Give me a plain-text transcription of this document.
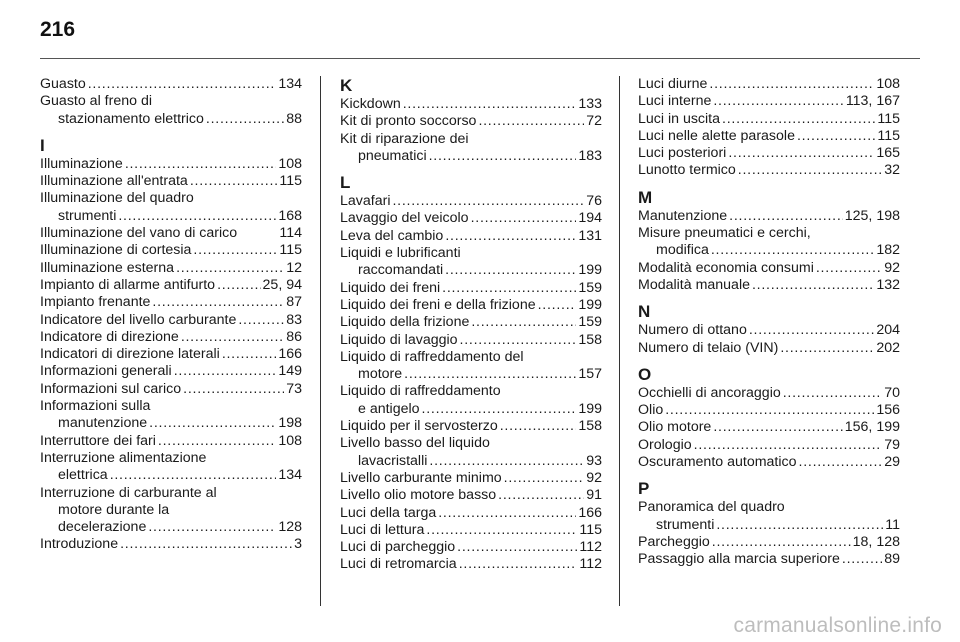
216
Guasto . . .	134
Guasto al freno di
stazionamento elettrico . . .	88
I
Illuminazione . . .	108
Illuminazione all'entrata . . .	115
Illuminazione del quadro
strumenti . . .	168
Illuminazione del vano di carico	114
Illuminazione di cortesia . . .	115
Illuminazione esterna . . .	12
Impianto di allarme antifurto . . .	25, 94
Impianto frenante . . .	87
Indicatore del livello carburante . . .	83
Indicatore di direzione . . .	86
Indicatori di direzione laterali . . .	166
Informazioni generali . . .	149
Informazioni sul carico . . .	73
Informazioni sulla
manutenzione . . .	198
Interruttore dei fari . . .	108
Interruzione alimentazione
elettrica . . .	134
Interruzione di carburante al
motore durante la
decelerazione . . .	128
Introduzione . . .	3
K
Kickdown . . .	133
Kit di pronto soccorso . . .	72
Kit di riparazione dei
pneumatici . . .	183
L
Lavafari . . .	76
Lavaggio del veicolo . . .	194
Leva del cambio . . .	131
Liquidi e lubrificanti
raccomandati . . .	199
Liquido dei freni . . .	159
Liquido dei freni e della frizione . . .	199
Liquido della frizione . . .	159
Liquido di lavaggio . . .	158
Liquido di raffreddamento del
motore . . .	157
Liquido di raffreddamento
e antigelo . . .	199
Liquido per il servosterzo . . .	158
Livello basso del liquido
lavacristalli . . .	93
Livello carburante minimo . . .	92
Livello olio motore basso . . .	91
Luci della targa . . .	166
Luci di lettura . . .	115
Luci di parcheggio . . .	112
Luci di retromarcia . . .	112
Luci diurne . . .	108
Luci interne . . .	113, 167
Luci in uscita . . .	115
Luci nelle alette parasole . . .	115
Luci posteriori . . .	165
Lunotto termico . . .	32
M
Manutenzione . . .	125, 198
Misure pneumatici e cerchi,
modifica . . .	182
Modalità economia consumi . . .	92
Modalità manuale . . .	132
N
Numero di ottano . . .	204
Numero di telaio (VIN) . . .	202
O
Occhielli di ancoraggio . . .	70
Olio . . .	156
Olio motore . . .	156, 199
Orologio . . .	79
Oscuramento automatico . . .	29
P
Panoramica del quadro
strumenti . . .	11
Parcheggio . . .	18, 128
Passaggio alla marcia superiore . . .	89
carmanualsonline.info
